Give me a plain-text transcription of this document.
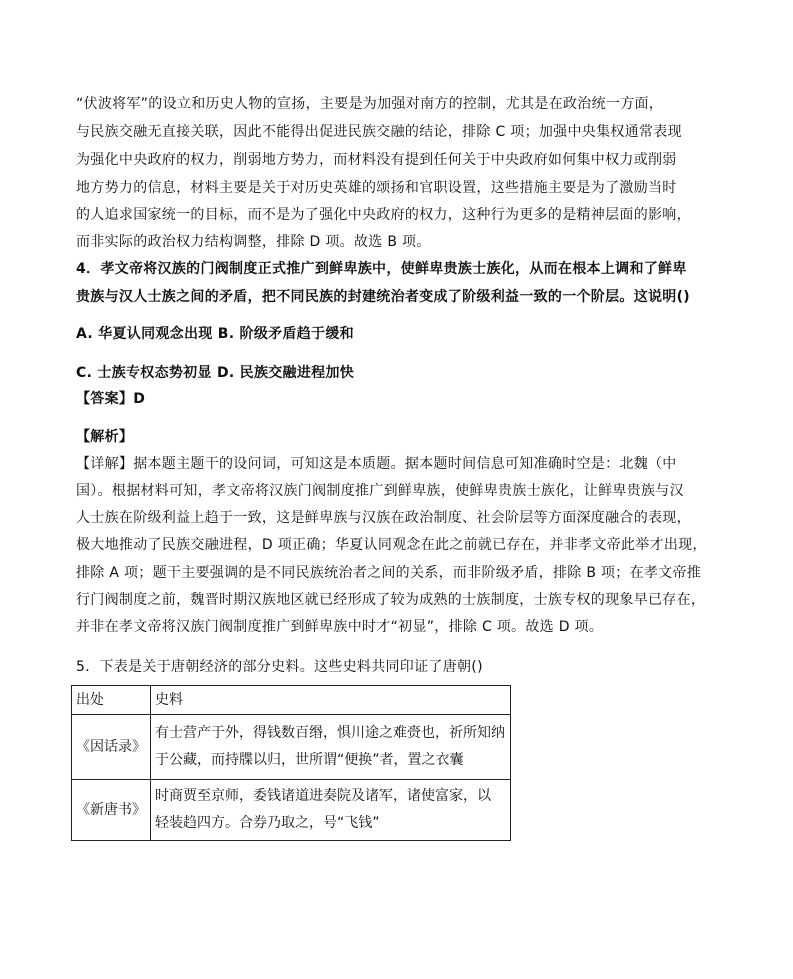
“伏波将军”的设立和历史人物的宣扬，主要是为加强对南方的控制，尤其是在政治统一方面，
与民族交融无直接关联，因此不能得出促进民族交融的结论，排除 C 项；加强中央集权通常表现
为强化中央政府的权力，削弱地方势力，而材料没有提到任何关于中央政府如何集中权力或削弱
地方势力的信息，材料主要是关于对历史英雄的颂扬和官职设置，这些措施主要是为了激励当时
的人追求国家统一的目标，而不是为了强化中央政府的权力，这种行为更多的是精神层面的影响，
而非实际的政治权力结构调整，排除 D 项。故选 B 项。
4．孝文帝将汉族的门阀制度正式推广到鲜卑族中，使鲜卑贵族士族化，从而在根本上调和了鲜卑
贵族与汉人士族之间的矛盾，把不同民族的封建统治者变成了阶级利益一致的一个阶层。这说明()
A. 华夏认同观念出现 B. 阶级矛盾趋于缓和
C. 士族专权态势初显 D. 民族交融进程加快
【答案】D
【解析】
【详解】据本题主题干的设问词，可知这是本质题。据本题时间信息可知准确时空是：北魏（中
国）。根据材料可知，孝文帝将汉族门阀制度推广到鲜卑族，使鲜卑贵族士族化，让鲜卑贵族与汉
人士族在阶级利益上趋于一致，这是鲜卑族与汉族在政治制度、社会阶层等方面深度融合的表现，
极大地推动了民族交融进程，D 项正确；华夏认同观念在此之前就已存在，并非孝文帝此举才出现，
排除 A 项；题干主要强调的是不同民族统治者之间的关系，而非阶级矛盾，排除 B 项；在孝文帝推
行门阀制度之前，魏晋时期汉族地区就已经形成了较为成熟的士族制度，士族专权的现象早已存在，
并非在孝文帝将汉族门阀制度推广到鲜卑族中时才“初显”，排除 C 项。故选 D 项。
5．下表是关于唐朝经济的部分史料。这些史料共同印证了唐朝()
出处	史料
《因话录》	有士营产于外，得钱数百缗，惧川途之难赍也，祈所知纳
于公藏，而持牒以归，世所谓“便换”者，置之衣囊

《新唐书》	时商贾至京师，委钱诸道进奏院及诸军，诸使富家，以
轻装趋四方。合券乃取之，号“飞钱”
